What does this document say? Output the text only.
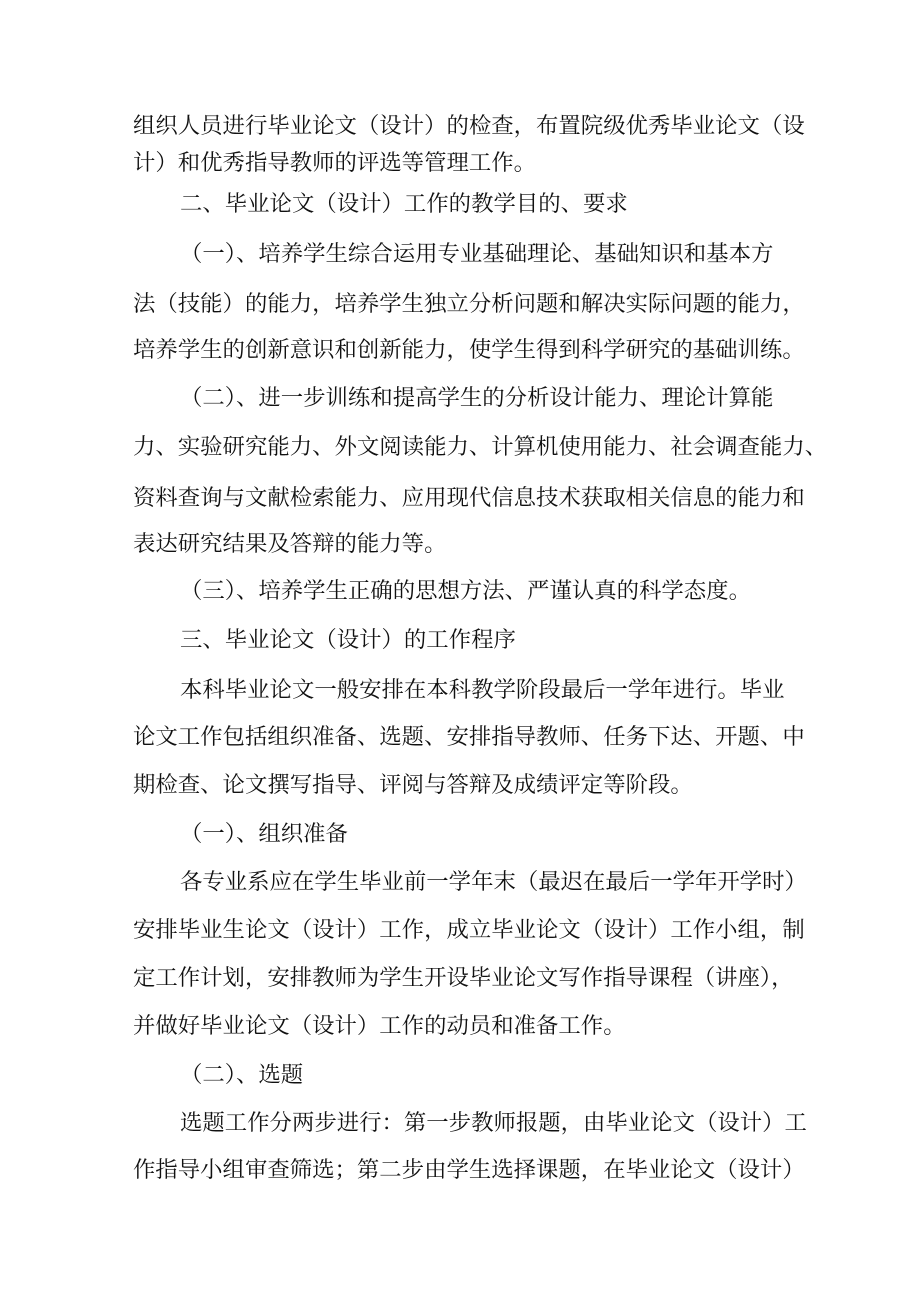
组织人员进行毕业论文（设计）的检查，布置院级优秀毕业论文（设
计）和优秀指导教师的评选等管理工作。
二、毕业论文（设计）工作的教学目的、要求
（一）、培养学生综合运用专业基础理论、基础知识和基本方
法（技能）的能力，培养学生独立分析问题和解决实际问题的能力，
培养学生的创新意识和创新能力，使学生得到科学研究的基础训练。
（二）、进一步训练和提高学生的分析设计能力、理论计算能
力、实验研究能力、外文阅读能力、计算机使用能力、社会调查能力、
资料查询与文献检索能力、应用现代信息技术获取相关信息的能力和
表达研究结果及答辩的能力等。
（三）、培养学生正确的思想方法、严谨认真的科学态度。
三、毕业论文（设计）的工作程序
本科毕业论文一般安排在本科教学阶段最后一学年进行。毕业
论文工作包括组织准备、选题、安排指导教师、任务下达、开题、中
期检查、论文撰写指导、评阅与答辩及成绩评定等阶段。
（一）、组织准备
各专业系应在学生毕业前一学年末（最迟在最后一学年开学时）
安排毕业生论文（设计）工作，成立毕业论文（设计）工作小组，制
定工作计划，安排教师为学生开设毕业论文写作指导课程（讲座），
并做好毕业论文（设计）工作的动员和准备工作。
（二）、选题
选题工作分两步进行：第一步教师报题，由毕业论文（设计）工
作指导小组审查筛选；第二步由学生选择课题，在毕业论文（设计）
